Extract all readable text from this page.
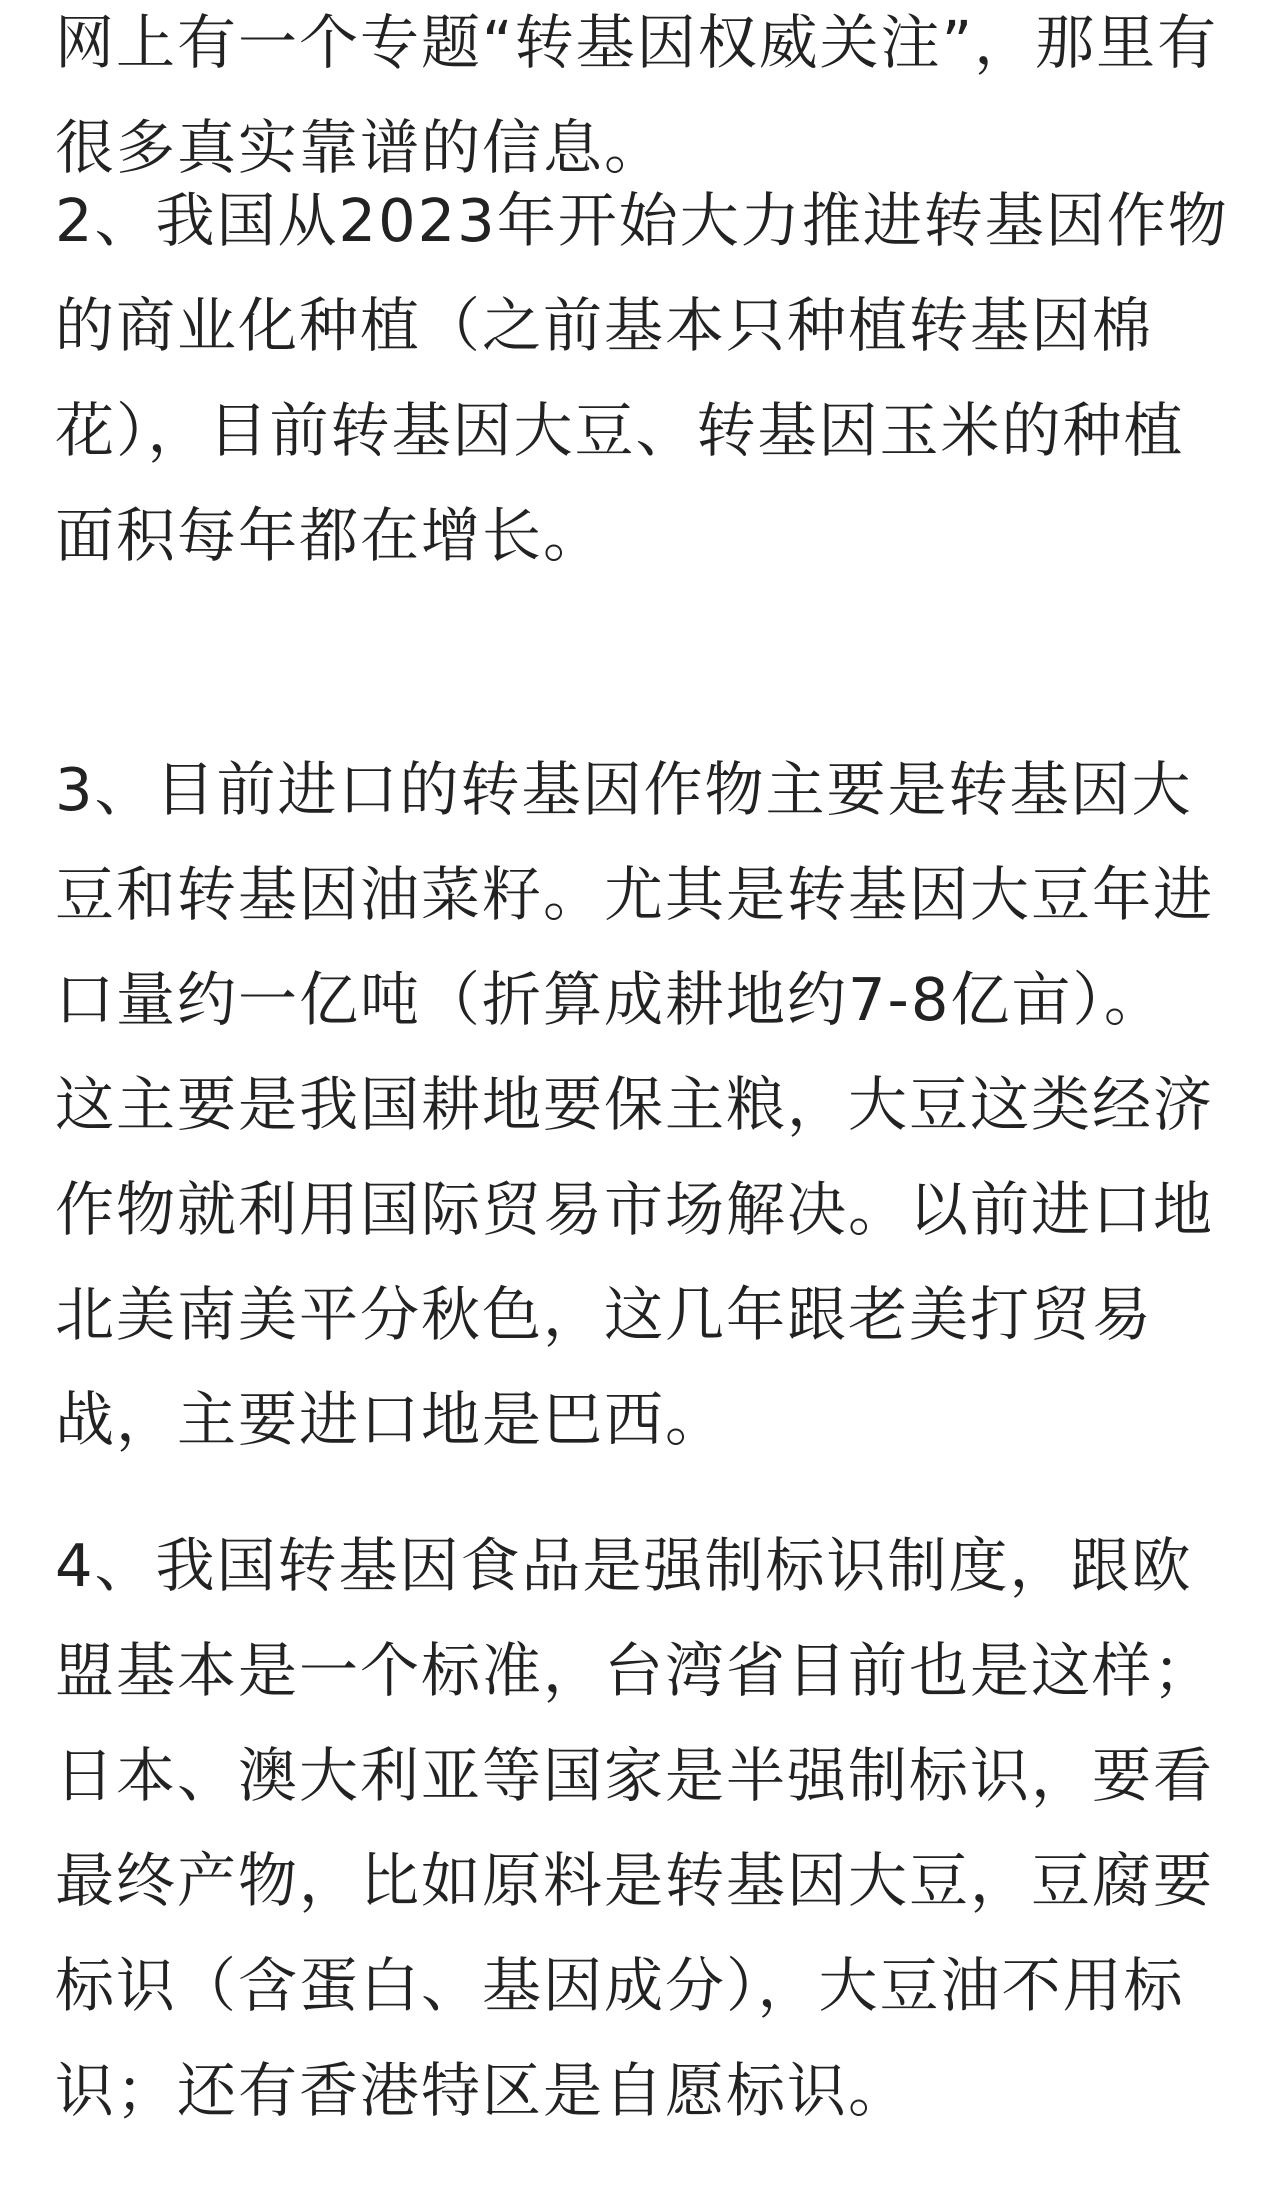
网上有一个专题“转基因权威关注”，那里有
很多真实靠谱的信息。

2、我国从2023年开始大力推进转基因作物
的商业化种植（之前基本只种植转基因棉
花），目前转基因大豆、转基因玉米的种植
面积每年都在增长。

3、目前进口的转基因作物主要是转基因大
豆和转基因油菜籽。尤其是转基因大豆年进
口量约一亿吨（折算成耕地约7-8亿亩）。
这主要是我国耕地要保主粮，大豆这类经济
作物就利用国际贸易市场解决。以前进口地
北美南美平分秋色，这几年跟老美打贸易
战，主要进口地是巴西。

4、我国转基因食品是强制标识制度，跟欧
盟基本是一个标准，台湾省目前也是这样；
日本、澳大利亚等国家是半强制标识，要看
最终产物，比如原料是转基因大豆，豆腐要
标识（含蛋白、基因成分），大豆油不用标
识；还有香港特区是自愿标识。
